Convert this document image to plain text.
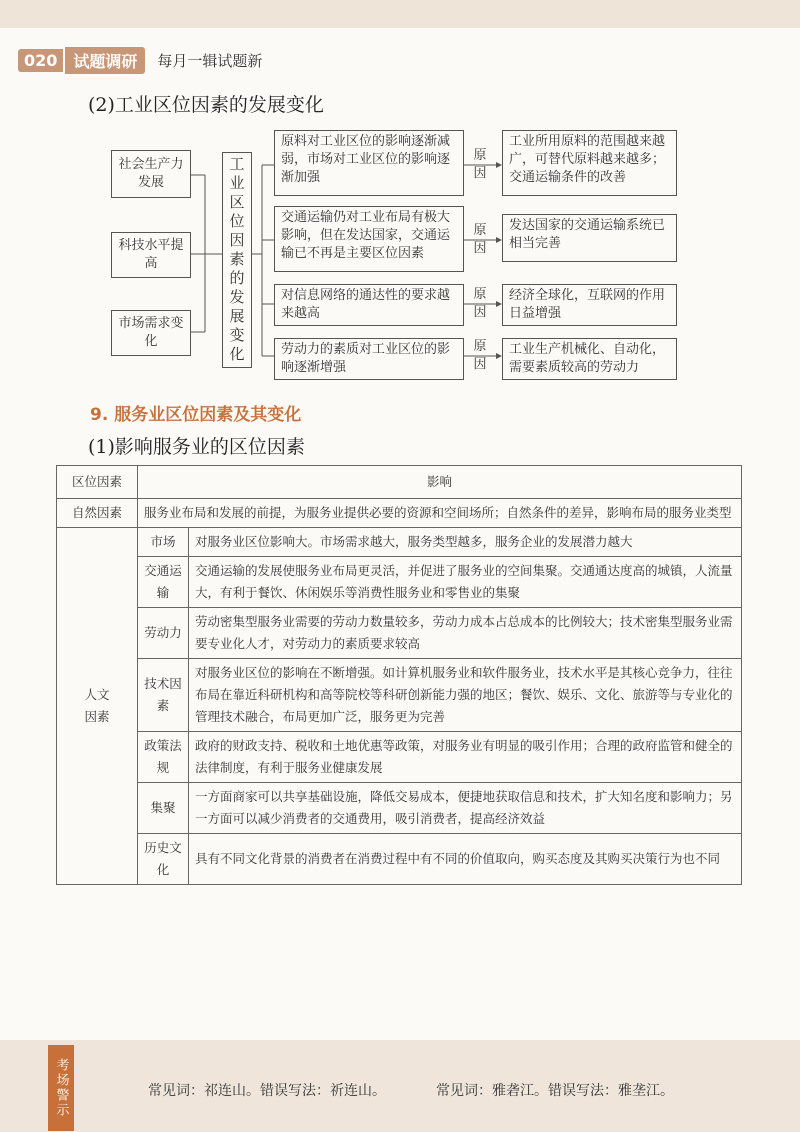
020	试题调研	每月一辑试题新
(2)工业区位因素的发展变化
社会生产力发展
科技水平提高
市场需求变化	工业区位因素的发展变化
原料对工业区位的影响逐渐减弱，市场对工业区位的影响逐渐加强
交通运输仍对工业布局有极大影响，但在发达国家，交通运输已不再是主要区位因素
对信息网络的通达性的要求越来越高
劳动力的素质对工业区位的影响逐渐增强
原因
原因
原因
原因
工业所用原料的范围越来越广，可替代原料越来越多；交通运输条件的改善
发达国家的交通运输系统已相当完善
经济全球化，互联网的作用日益增强
工业生产机械化、自动化，需要素质较高的劳动力
9. 服务业区位因素及其变化
(1)影响服务业的区位因素
区位因素	影响	
自然因素	服务业布局和发展的前提，为服务业提供必要的资源和空间场所；自然条件的差异，影响布局的服务业类型	
人文因素	市场	对服务业区位影响大。市场需求越大，服务类型越多，服务企业的发展潜力越大
	交通运输	交通运输的发展使服务业布局更灵活，并促进了服务业的空间集聚。交通通达度高的城镇，人流量大，有利于餐饮、休闲娱乐等消费性服务业和零售业的集聚
	劳动力	劳动密集型服务业需要的劳动力数量较多，劳动力成本占总成本的比例较大；技术密集型服务业需要专业化人才，对劳动力的素质要求较高
	技术因素	对服务业区位的影响在不断增强。如计算机服务业和软件服务业，技术水平是其核心竞争力，往往布局在靠近科研机构和高等院校等科研创新能力强的地区；餐饮、娱乐、文化、旅游等与专业化的管理技术融合，布局更加广泛，服务更为完善
	政策法规	政府的财政支持、税收和土地优惠等政策，对服务业有明显的吸引作用；合理的政府监管和健全的法律制度，有利于服务业健康发展
	集聚	一方面商家可以共享基础设施，降低交易成本，便捷地获取信息和技术，扩大知名度和影响力；另一方面可以减少消费者的交通费用，吸引消费者，提高经济效益
	历史文化	具有不同文化背景的消费者在消费过程中有不同的价值取向，购买态度及其购买决策行为也不同
考场警示	常见词：祁连山。错误写法：祈连山。	常见词：雅砻江。错误写法：雅垄江。
